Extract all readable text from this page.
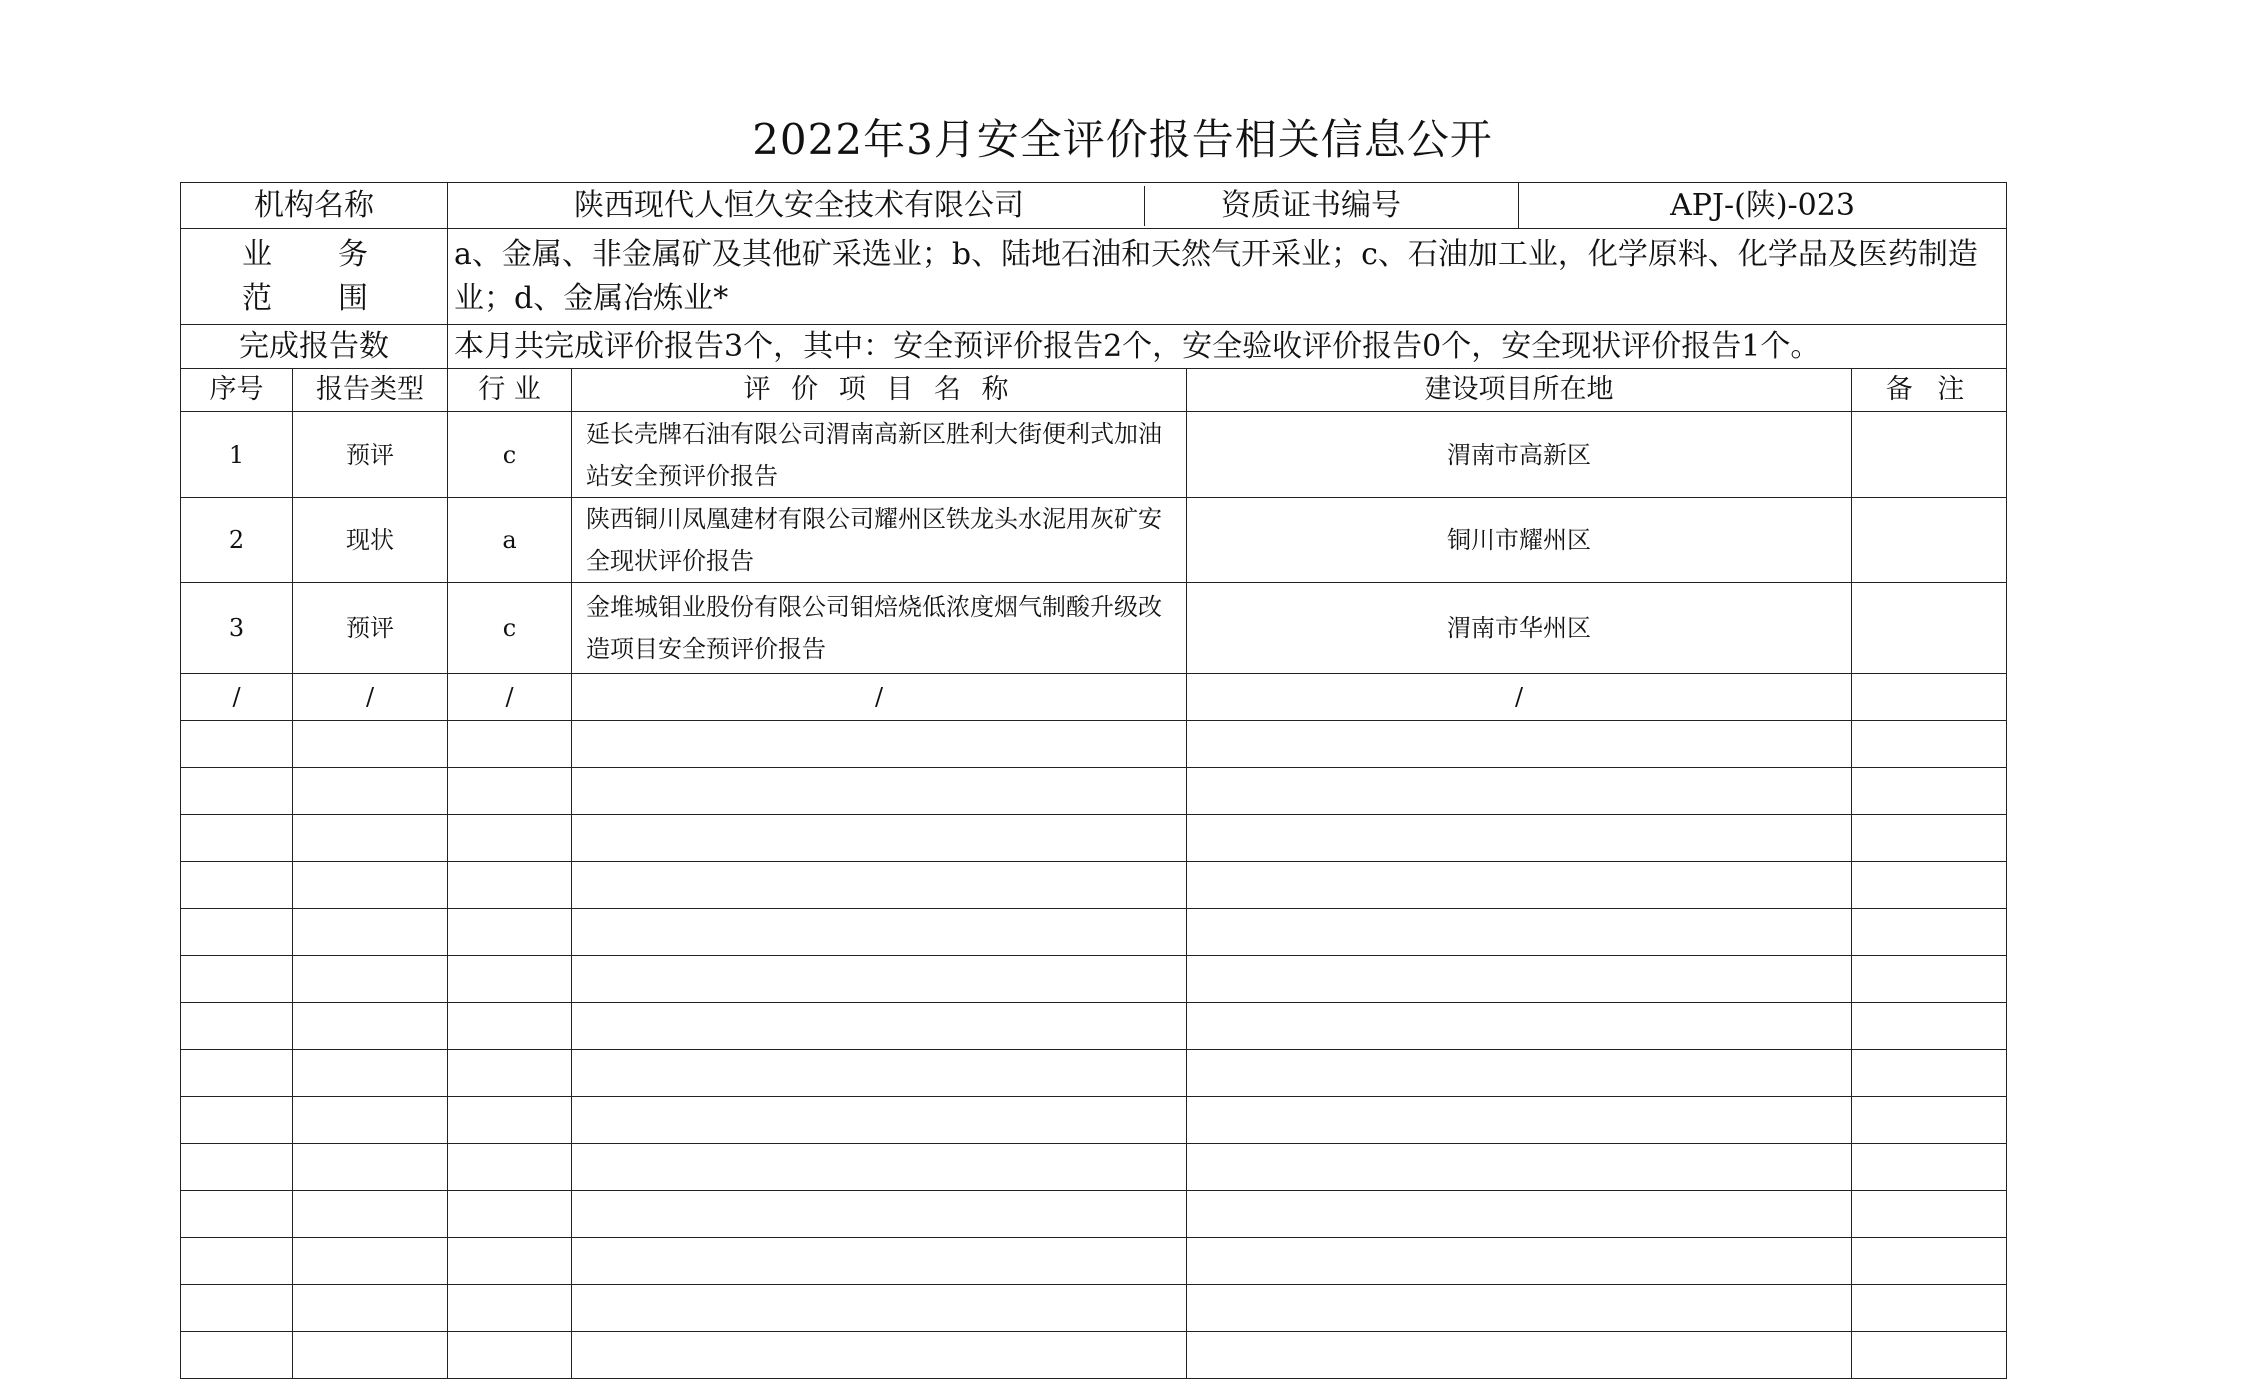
2022年3月安全评价报告相关信息公开
机构名称		陕西现代人恒久安全技术有限公司 资质证书编号			APJ-(陕)-023	

业　务
范　围		a、金属、非金属矿及其他矿采选业；b、陆地石油和天然气开采业；c、石油加工业，化学原料、化学品及医药制造业；d、金属冶炼业*				
完成报告数		本月共完成评价报告3个，其中：安全预评价报告2个，安全验收评价报告0个，安全现状评价报告1个。				
序号	报告类型	行 业	评 价 项 目 名 称	建设项目所在地		备 注
1	预评	c	延长壳牌石油有限公司渭南高新区胜利大街便利式加油站安全预评价报告	渭南市高新区		
2	现状	a	陕西铜川凤凰建材有限公司耀州区铁龙头水泥用灰矿安全现状评价报告	铜川市耀州区		
3	预评	c	金堆城钼业股份有限公司钼焙烧低浓度烟气制酸升级改造项目安全预评价报告	渭南市华州区		
/	/	/	/	/		
